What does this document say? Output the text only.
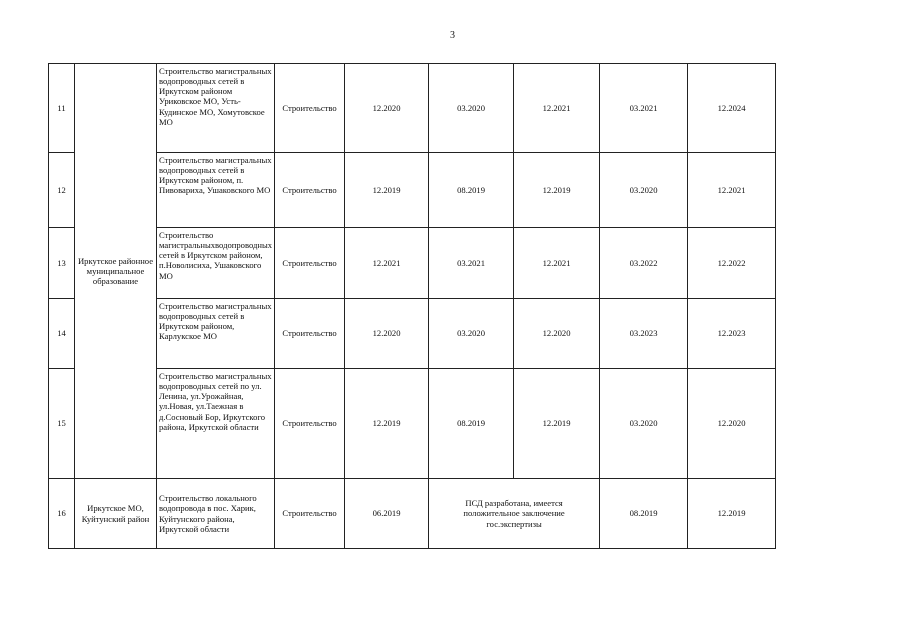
3
11	Иркутское районное муниципальное образование	Строительство магистральных водопроводных сетей в Иркутском районом Уриковское МО, Усть-Кудинское МО, Хомутовское МО	Строительство	12.2020	03.2020	12.2021	03.2021	12.2024
12		Строительство магистральных водопроводных сетей в Иркутском районом, п. Пивовариха, Ушаковского МО	Строительство	12.2019	08.2019	12.2019	03.2020	12.2021
13		Строительство магистральныхводопроводных сетей в Иркутском районом, п.Новолисиха, Ушаковского МО	Строительство	12.2021	03.2021	12.2021	03.2022	12.2022
14		Строительство магистральных водопроводных сетей в Иркутском районом, Карлукское МО	Строительство	12.2020	03.2020	12.2020	03.2023	12.2023
15		Строительство магистральных водопроводных сетей по ул. Ленина, ул.Урожайная, ул.Новая, ул.Таежная в д.Сосновый Бор, Иркутского района, Иркутской области	Строительство	12.2019	08.2019	12.2019	03.2020	12.2020
16	Иркутское МО, Куйтунский район	Строительство локального водопровода в пос. Харик, Куйтунского района, Иркутской области	Строительство	06.2019	ПСД разработана, имеется положительное заключение гос.экспертизы		08.2019	12.2019
